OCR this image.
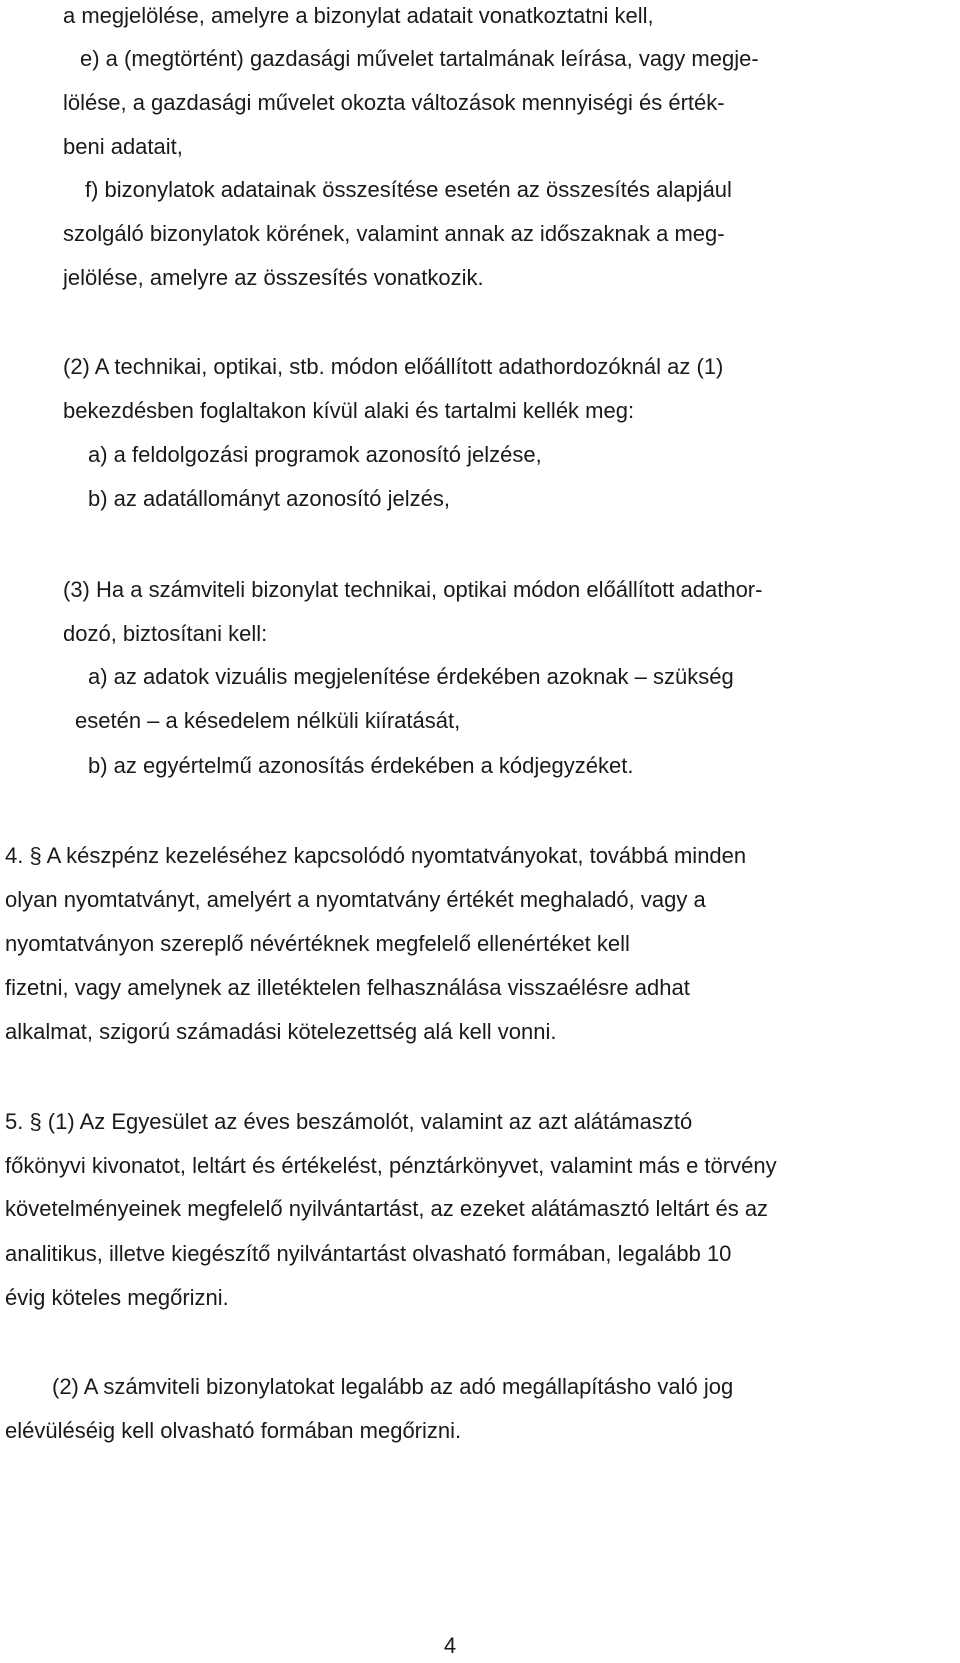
a megjelölése, amelyre a bizonylat adatait vonatkoztatni kell,
e) a (megtörtént) gazdasági művelet tartalmának leírása, vagy megje-
lölése, a gazdasági művelet okozta változások mennyiségi és érték-
beni adatait,
f) bizonylatok adatainak összesítése esetén az összesítés alapjául
szolgáló bizonylatok körének, valamint annak az időszaknak a meg-
jelölése, amelyre az összesítés vonatkozik.
(2) A technikai, optikai, stb. módon előállított adathordozóknál az (1)
bekezdésben foglaltakon kívül alaki és tartalmi kellék meg:
a) a feldolgozási programok azonosító jelzése,
b) az adatállományt azonosító jelzés,
(3) Ha a számviteli bizonylat technikai, optikai módon előállított adathor-
dozó, biztosítani kell:
a) az adatok vizuális megjelenítése érdekében azoknak – szükség
esetén – a késedelem nélküli kiíratását,
b) az egyértelmű azonosítás érdekében a kódjegyzéket.
4. § A készpénz kezeléséhez kapcsolódó nyomtatványokat, továbbá minden
olyan nyomtatványt, amelyért a nyomtatvány értékét meghaladó, vagy a
nyomtatványon szereplő névértéknek megfelelő ellenértéket kell
fizetni, vagy amelynek az illetéktelen felhasználása visszaélésre adhat
alkalmat, szigorú számadási kötelezettség alá kell vonni.
5. § (1) Az Egyesület az éves beszámolót, valamint az azt alátámasztó
főkönyvi kivonatot, leltárt és értékelést, pénztárkönyvet, valamint más e törvény
követelményeinek megfelelő nyilvántartást, az ezeket alátámasztó leltárt és az
analitikus, illetve kiegészítő nyilvántartást olvasható formában, legalább 10
évig köteles megőrizni.
(2) A számviteli bizonylatokat legalább az adó megállapításho való jog
elévüléséig kell olvasható formában megőrizni.
4
